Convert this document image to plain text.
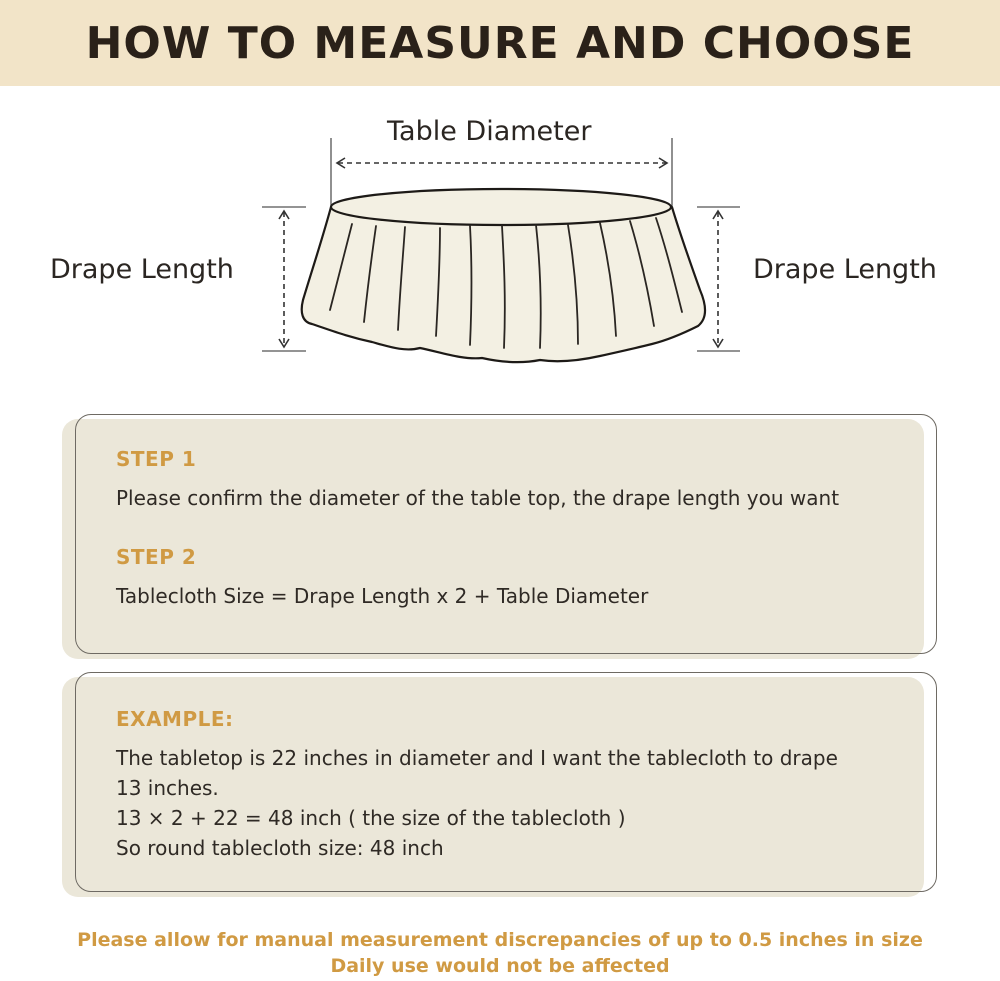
HOW TO MEASURE AND CHOOSE
Table Diameter
Drape Length	Drape Length
STEP 1
Please confirm the diameter of the table top, the drape length you want
STEP 2
Tablecloth Size = Drape Length x 2 + Table Diameter
EXAMPLE:
The tabletop is 22 inches in diameter and I want the tablecloth to drape
13 inches.
13 × 2 + 22 = 48 inch ( the size of the tablecloth )
So round tablecloth size: 48 inch
Please allow for manual measurement discrepancies of up to 0.5 inches in size
Daily use would not be affected
